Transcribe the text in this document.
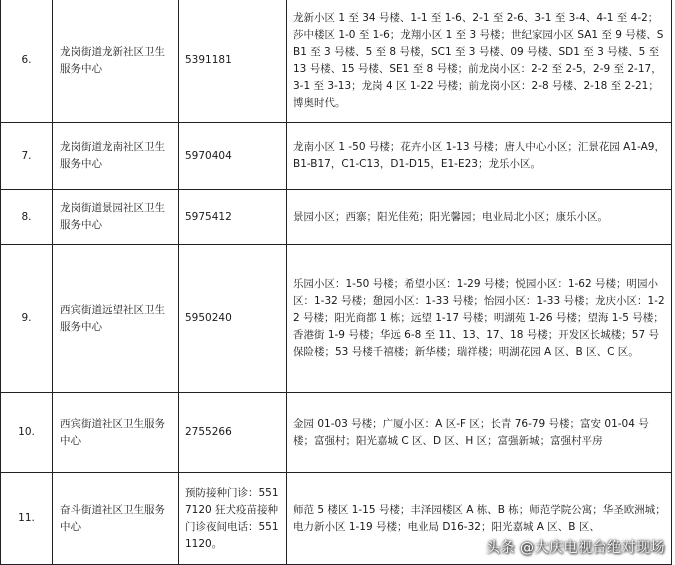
6.	龙岗街道龙新社区卫生服务中心	5391181	龙新小区 1 至 34 号楼、1-1 至 1-6、2-1 至 2-6、3-1 至 3-4、4-1 至 4-2；莎中楼区 1-0 至 1-6；龙翔小区 1 至 3 号楼；世纪家园小区 SA1 至 9 号楼、SB1 至 3 号楼、5 至 8 号楼，SC1 至 3 号楼、09 号楼、SD1 至 3 号楼、5 至 13 号楼、15 号楼、SE1 至 8 号楼；前龙岗小区：2-2 至 2-5，2-9 至 2-17，3-1 至 3-13；龙岗 4 区 1-22 号楼；前龙岗小区：2-8 号楼、2-18 至 2-21；博奥时代。
7.	龙岗街道龙南社区卫生服务中心	5970404	龙南小区 1 -50 号楼；花卉小区 1-13 号楼；唐人中心小区；汇景花园 A1-A9，B1-B17，C1-C13，D1-D15，E1-E23；龙乐小区。
8.	龙岗街道景园社区卫生服务中心	5975412	景园小区；西寨；阳光佳苑；阳光馨园；电业局北小区；康乐小区。
9.	西宾街道远望社区卫生服务中心	5950240	乐园小区：1-50 号楼；希望小区：1-29 号楼；悦园小区：1-62 号楼；明园小区：1-32 号楼；憩园小区：1-33 号楼；怡园小区：1-33 号楼；龙庆小区：1-22 号楼；阳光商都 1 栋；远望 1-17 号楼；明湖苑 1-26 号楼；望海 1-5 号楼；香港街 1-9 号楼；华远 6-8 至 11、13、17、18 号楼；开发区长城楼；57 号保险楼；53 号楼千禧楼；新华楼；瑞祥楼；明湖花园 A 区、B 区、C 区。
10.	西宾街道社区卫生服务中心	2755266	金园 01-03 号楼；广厦小区：A 区-F 区；长青 76-79 号楼；富安 01-04 号楼；富强村；阳光嘉城 C 区、D 区、H 区；富强新城；富强村平房
11.	奋斗街道社区卫生服务中心	预防接种门诊：5517120 狂犬疫苗接种门诊夜间电话：5511120。	师范 5 楼区 1-15 号楼；丰泽园楼区 A 栋、B 栋；师范学院公寓；华圣欧洲城；电力新小区 1-19 号楼；电业局 D16-32；阳光嘉城 A 区、B 区、
头条 @大庆电视台绝对现场
